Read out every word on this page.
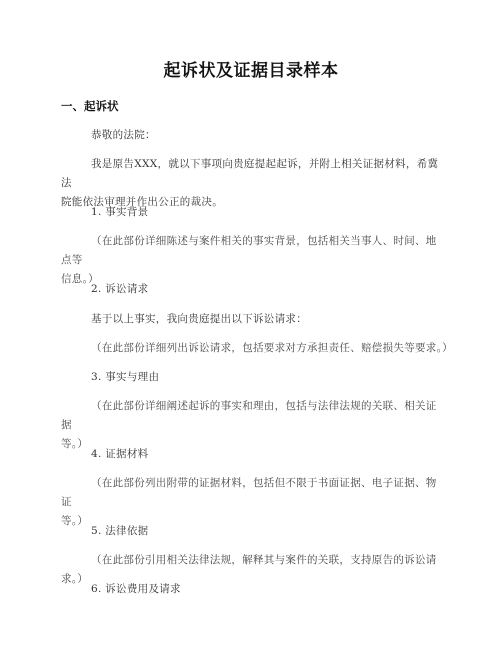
起诉状及证据目录样本
一、起诉状
恭敬的法院：
我是原告XXX，就以下事项向贵庭提起起诉，并附上相关证据材料，希冀法
院能依法审理并作出公正的裁决。
1. 事实背景
（在此部份详细陈述与案件相关的事实背景，包括相关当事人、时间、地点等
信息。）
2. 诉讼请求
基于以上事实，我向贵庭提出以下诉讼请求：
（在此部份详细列出诉讼请求，包括要求对方承担责任、赔偿损失等要求。）
3. 事实与理由
（在此部份详细阐述起诉的事实和理由，包括与法律法规的关联、相关证据
等。）
4. 证据材料
（在此部份列出附带的证据材料，包括但不限于书面证据、电子证据、物证
等。）
5. 法律依据
（在此部份引用相关法律法规，解释其与案件的关联，支持原告的诉讼请求。）
6. 诉讼费用及请求
